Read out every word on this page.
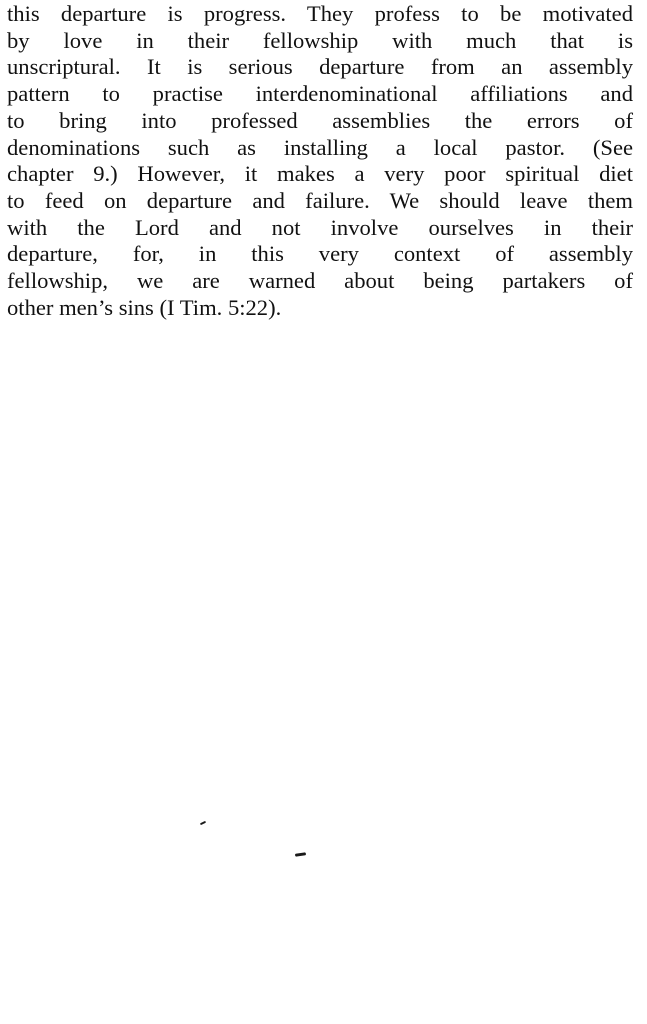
this departure is progress. They profess to be motivated
by love in their fellowship with much that is
unscriptural. It is serious departure from an assembly
pattern to practise interdenominational affiliations and
to bring into professed assemblies the errors of
denominations such as installing a local pastor. (See
chapter 9.) However, it makes a very poor spiritual diet
to feed on departure and failure. We should leave them
with the Lord and not involve ourselves in their
departure, for, in this very context of assembly
fellowship, we are warned about being partakers of
other men’s sins (I Tim. 5:22).
